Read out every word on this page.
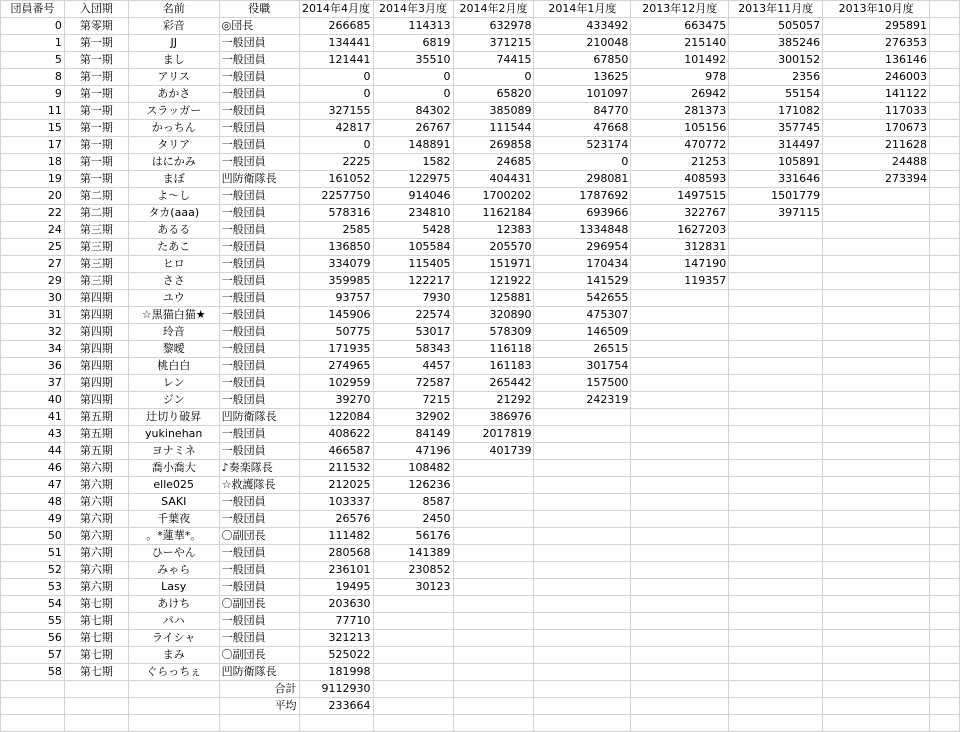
団員番号	入団期	名前	役職	2014年4月度	2014年3月度	2014年2月度	2014年1月度	2013年12月度	2013年11月度	2013年10月度	
0	第零期	彩音	◎団長	266685	114313	632978	433492	663475	505057	295891	
1	第一期	JJ	一般団員	134441	6819	371215	210048	215140	385246	276353	
5	第一期	まし	一般団員	121441	35510	74415	67850	101492	300152	136146	
8	第一期	アリス	一般団員	0	0	0	13625	978	2356	246003	
9	第一期	あかさ	一般団員	0	0	65820	101097	26942	55154	141122	
11	第一期	スラッガー	一般団員	327155	84302	385089	84770	281373	171082	117033	
15	第一期	かっちん	一般団員	42817	26767	111544	47668	105156	357745	170673	
17	第一期	タリア	一般団員	0	148891	269858	523174	470772	314497	211628	
18	第一期	はにかみ	一般団員	2225	1582	24685	0	21253	105891	24488	
19	第一期	まぼ	凹防衛隊長	161052	122975	404431	298081	408593	331646	273394	
20	第二期	よ～し	一般団員	2257750	914046	1700202	1787692	1497515	1501779		
22	第二期	タカ(aaa)	一般団員	578316	234810	1162184	693966	322767	397115		
24	第三期	あるる	一般団員	2585	5428	12383	1334848	1627203			
25	第三期	たあこ	一般団員	136850	105584	205570	296954	312831			
27	第三期	ヒロ	一般団員	334079	115405	151971	170434	147190			
29	第三期	ささ	一般団員	359985	122217	121922	141529	119357			
30	第四期	ユウ	一般団員	93757	7930	125881	542655				
31	第四期	☆黒猫白猫★	一般団員	145906	22574	320890	475307				
32	第四期	玲音	一般団員	50775	53017	578309	146509				
34	第四期	黎曖	一般団員	171935	58343	116118	26515				
36	第四期	桃白白	一般団員	274965	4457	161183	301754				
37	第四期	レン	一般団員	102959	72587	265442	157500				
40	第四期	ジン	一般団員	39270	7215	21292	242319				
41	第五期	辻切り破昇	凹防衛隊長	122084	32902	386976					
43	第五期	yukinehan	一般団員	408622	84149	2017819					
44	第五期	ヨナミネ	一般団員	466587	47196	401739					
46	第六期	喬小喬大	♪奏楽隊長	211532	108482						
47	第六期	elle025	☆救護隊長	212025	126236						
48	第六期	SAKI	一般団員	103337	8587						
49	第六期	千葉夜	一般団員	26576	2450						
50	第六期	。*蓮華*。	〇副団長	111482	56176						
51	第六期	ひーやん	一般団員	280568	141389						
52	第六期	みゃら	一般団員	236101	230852						
53	第六期	Lasy	一般団員	19495	30123						
54	第七期	あけち	〇副団長	203630							
55	第七期	パハ	一般団員	77710							
56	第七期	ライシャ	一般団員	321213							
57	第七期	まみ	〇副団長	525022							
58	第七期	ぐらっちぇ	凹防衛隊長	181998							
			合計	9112930							
			平均	233664							
